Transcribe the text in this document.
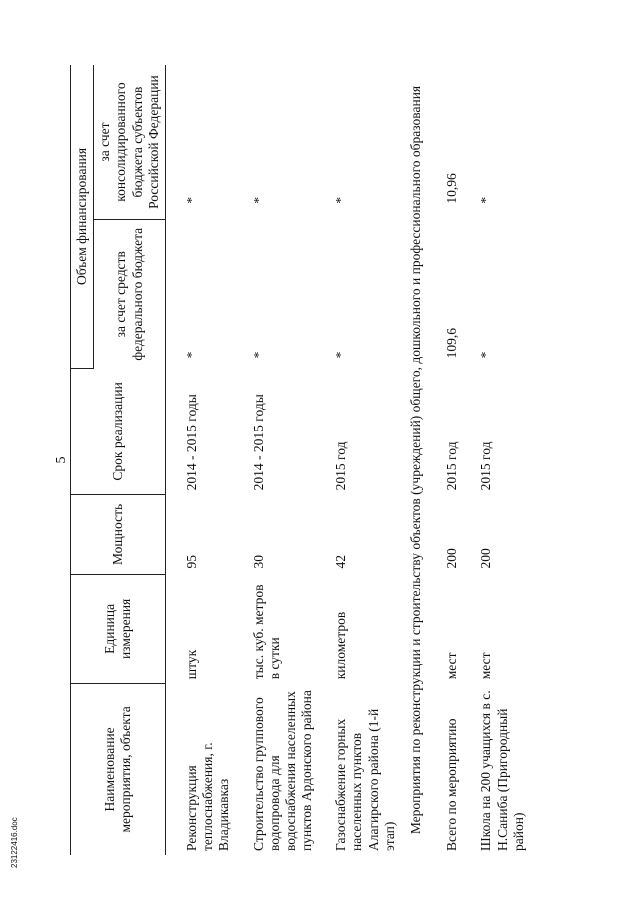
5
Наименование мероприятия, объекта	Единица измерения	Мощность	Срок реализации	Объем финансирования	
				за счет средств федерального бюджета	за счет консолидированного бюджета субъектов Российской Федерации
Реконструкция теплоснабжения, г. Владикавказ	штук	95	2014 - 2015 годы	*	*
Строительство группового водопровода для водоснабжения населенных пунктов Ардонского района	тыс. куб. метров в сутки	30	2014 - 2015 годы	*	*
Газоснабжение горных населенных пунктов Алагирского района (1-й этап)	километров	42	2015 год	*	*
Мероприятия по реконструкции и строительству объектов (учреждений) общего, дошкольного и профессионального образования					
Всего по мероприятию	мест	200	2015 год	109,6	10,96
Школа на 200 учащихся в с. Н.Саниба (Пригородный район)	мест	200	2015 год	*	*
23122416.doc
